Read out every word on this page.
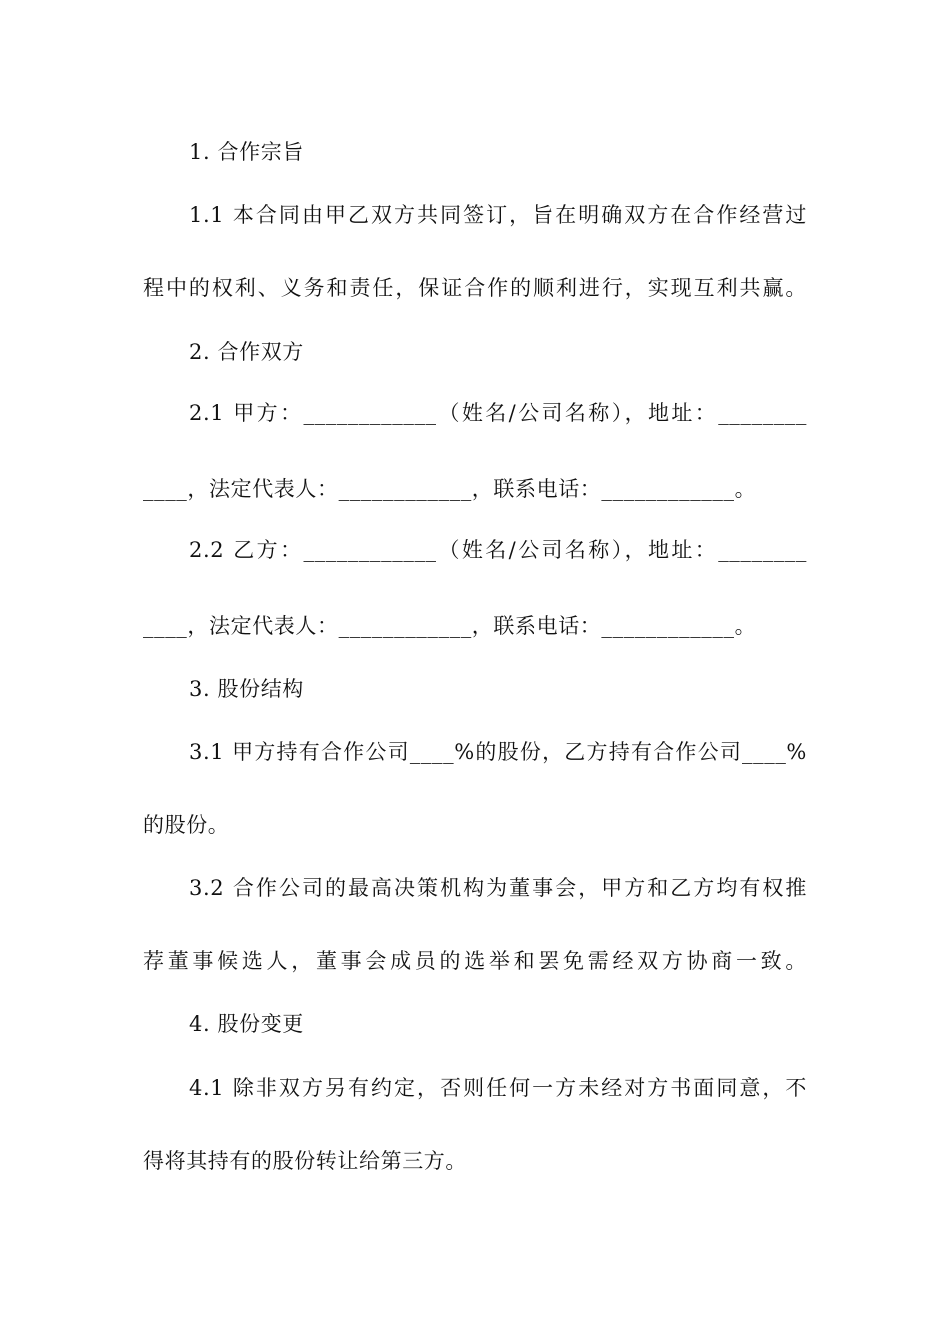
1. 合作宗旨
1.1 本合同由甲乙双方共同签订，旨在明确双方在合作经营过
程中的权利、义务和责任，保证合作的顺利进行，实现互利共赢。
2. 合作双方
2.1 甲方：____________（姓名/公司名称），地址：________
____，法定代表人：____________，联系电话：____________。
2.2 乙方：____________（姓名/公司名称），地址：________
____，法定代表人：____________，联系电话：____________。
3. 股份结构
3.1 甲方持有合作公司____%的股份，乙方持有合作公司____%
的股份。
3.2 合作公司的最高决策机构为董事会，甲方和乙方均有权推
荐董事候选人，董事会成员的选举和罢免需经双方协商一致。
4. 股份变更
4.1 除非双方另有约定，否则任何一方未经对方书面同意，不
得将其持有的股份转让给第三方。
